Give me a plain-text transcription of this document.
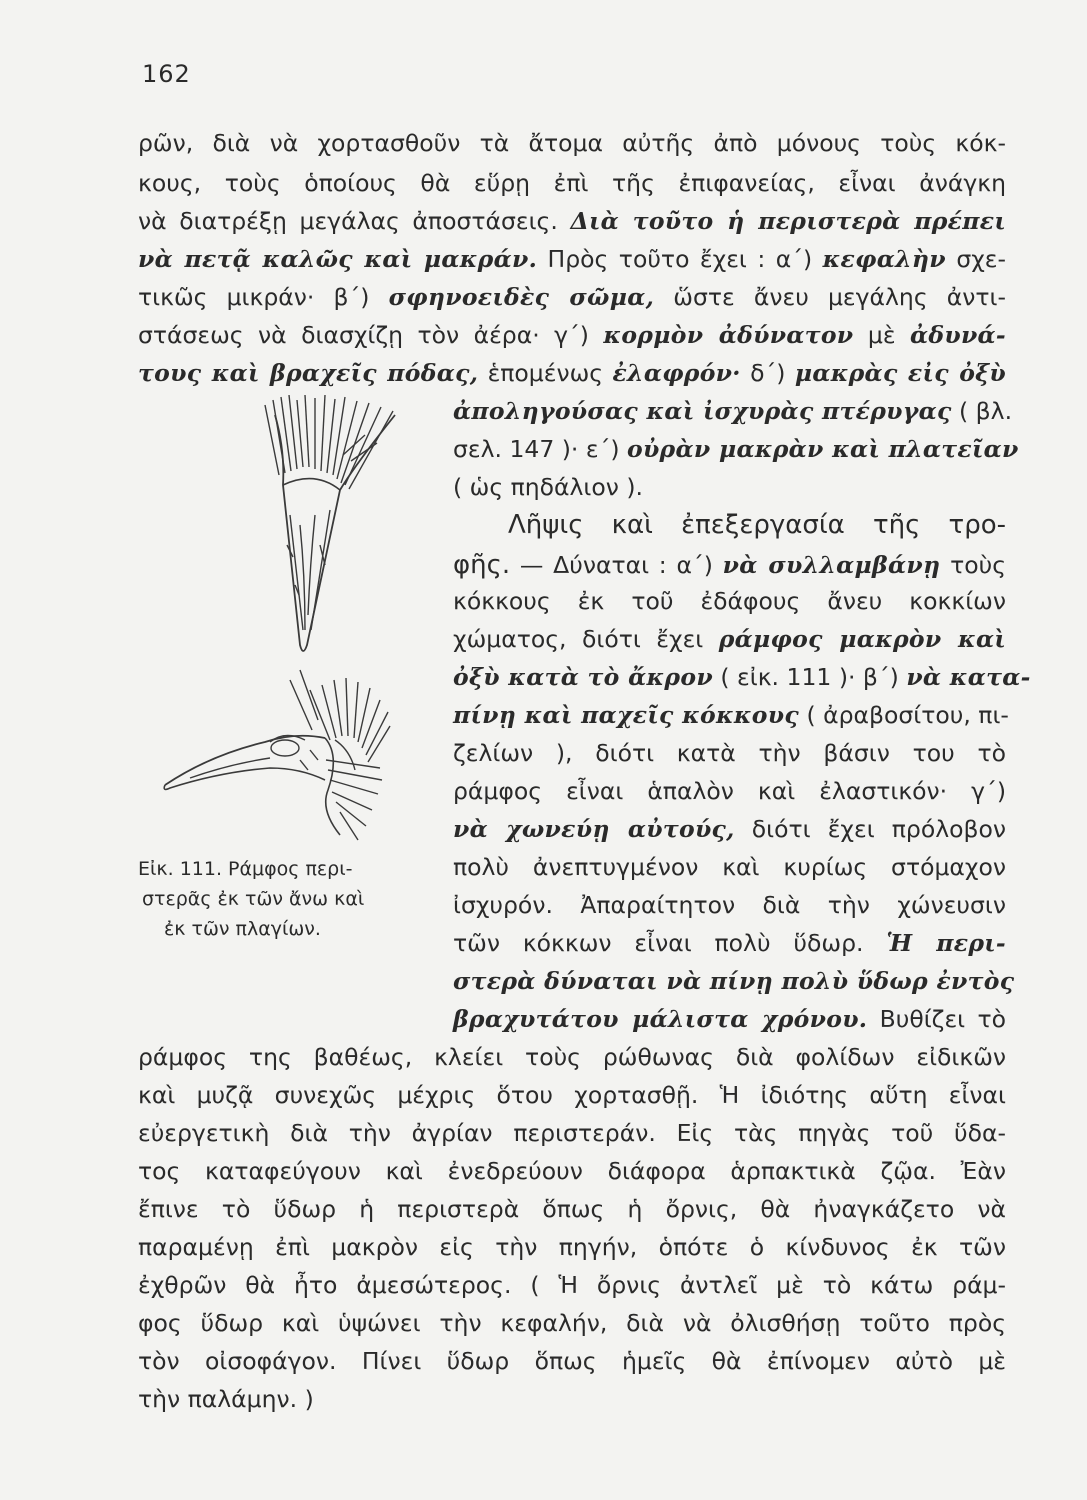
162
ρῶν, διὰ νὰ χορτασθοῦν τὰ ἄτομα αὐτῆς ἀπὸ μόνους τοὺς κόκ-
κους, τοὺς ὁποίους θὰ εὕρῃ ἐπὶ τῆς ἐπιφανείας, εἶναι ἀνάγκη
νὰ διατρέξῃ μεγάλας ἀποστάσεις. Διὰ τοῦτο ἡ περιστερὰ πρέπει
νὰ πετᾷ καλῶς καὶ μακράν. Πρὸς τοῦτο ἔχει : α΄) κεφαλὴν σχε-
τικῶς μικράν· β΄) σφηνοειδὲς σῶμα, ὥστε ἄνευ μεγάλης ἀντι-
στάσεως νὰ διασχίζῃ τὸν ἀέρα· γ΄) κορμὸν ἀδύνατον μὲ ἀδυνά-
τους καὶ βραχεῖς πόδας, ἑπομένως ἐλαφρόν· δ΄) μακρὰς εἰς ὀξὺ
ἀποληγούσας καὶ ἰσχυρὰς πτέρυγας ( βλ.
σελ. 147 )· ε΄) οὐρὰν μακρὰν καὶ πλατεῖαν
( ὡς πηδάλιον ).
Λῆψις καὶ ἐπεξεργασία τῆς τρο-
φῆς. — Δύναται : α΄) νὰ συλλαμβάνῃ τοὺς
κόκκους ἐκ τοῦ ἐδάφους ἄνευ κοκκίων
χώματος, διότι ἔχει ράμφος μακρὸν καὶ
ὀξὺ κατὰ τὸ ἄκρον ( εἰκ. 111 )· β΄) νὰ κατα-
πίνῃ καὶ παχεῖς κόκκους ( ἀραβοσίτου, πι-
ζελίων ), διότι κατὰ τὴν βάσιν του τὸ
ράμφος εἶναι ἁπαλὸν καὶ ἐλαστικόν· γ΄)
νὰ χωνεύῃ αὐτούς, διότι ἔχει πρόλοβον
πολὺ ἀνεπτυγμένον καὶ κυρίως στόμαχον
ἰσχυρόν. Ἀπαραίτητον διὰ τὴν χώνευσιν
τῶν κόκκων εἶναι πολὺ ὕδωρ. Ἡ περι-
στερὰ δύναται νὰ πίνῃ πολὺ ὕδωρ ἐντὸς
βραχυτάτου μάλιστα χρόνου. Βυθίζει τὸ
ράμφος της βαθέως, κλείει τοὺς ρώθωνας διὰ φολίδων εἰδικῶν
καὶ μυζᾷ συνεχῶς μέχρις ὅτου χορτασθῇ. Ἡ ἰδιότης αὕτη εἶναι
εὐεργετικὴ διὰ τὴν ἀγρίαν περιστεράν. Εἰς τὰς πηγὰς τοῦ ὕδα-
τος καταφεύγουν καὶ ἐνεδρεύουν διάφορα ἁρπακτικὰ ζῷα. Ἐὰν
ἔπινε τὸ ὕδωρ ἡ περιστερὰ ὅπως ἡ ὄρνις, θὰ ἠναγκάζετο νὰ
παραμένῃ ἐπὶ μακρὸν εἰς τὴν πηγήν, ὁπότε ὁ κίνδυνος ἐκ τῶν
ἐχθρῶν θὰ ἦτο ἀμεσώτερος. ( Ἡ ὄρνις ἀντλεῖ μὲ τὸ κάτω ράμ-
φος ὕδωρ καὶ ὑψώνει τὴν κεφαλήν, διὰ νὰ ὀλισθήσῃ τοῦτο πρὸς
τὸν οἰσοφάγον. Πίνει ὕδωρ ὅπως ἡμεῖς θὰ ἐπίνομεν αὐτὸ μὲ
τὴν παλάμην. )
Εἰκ. 111. Ράμφος περι-
στερᾶς ἐκ τῶν ἄνω καὶ
ἐκ τῶν πλαγίων.
